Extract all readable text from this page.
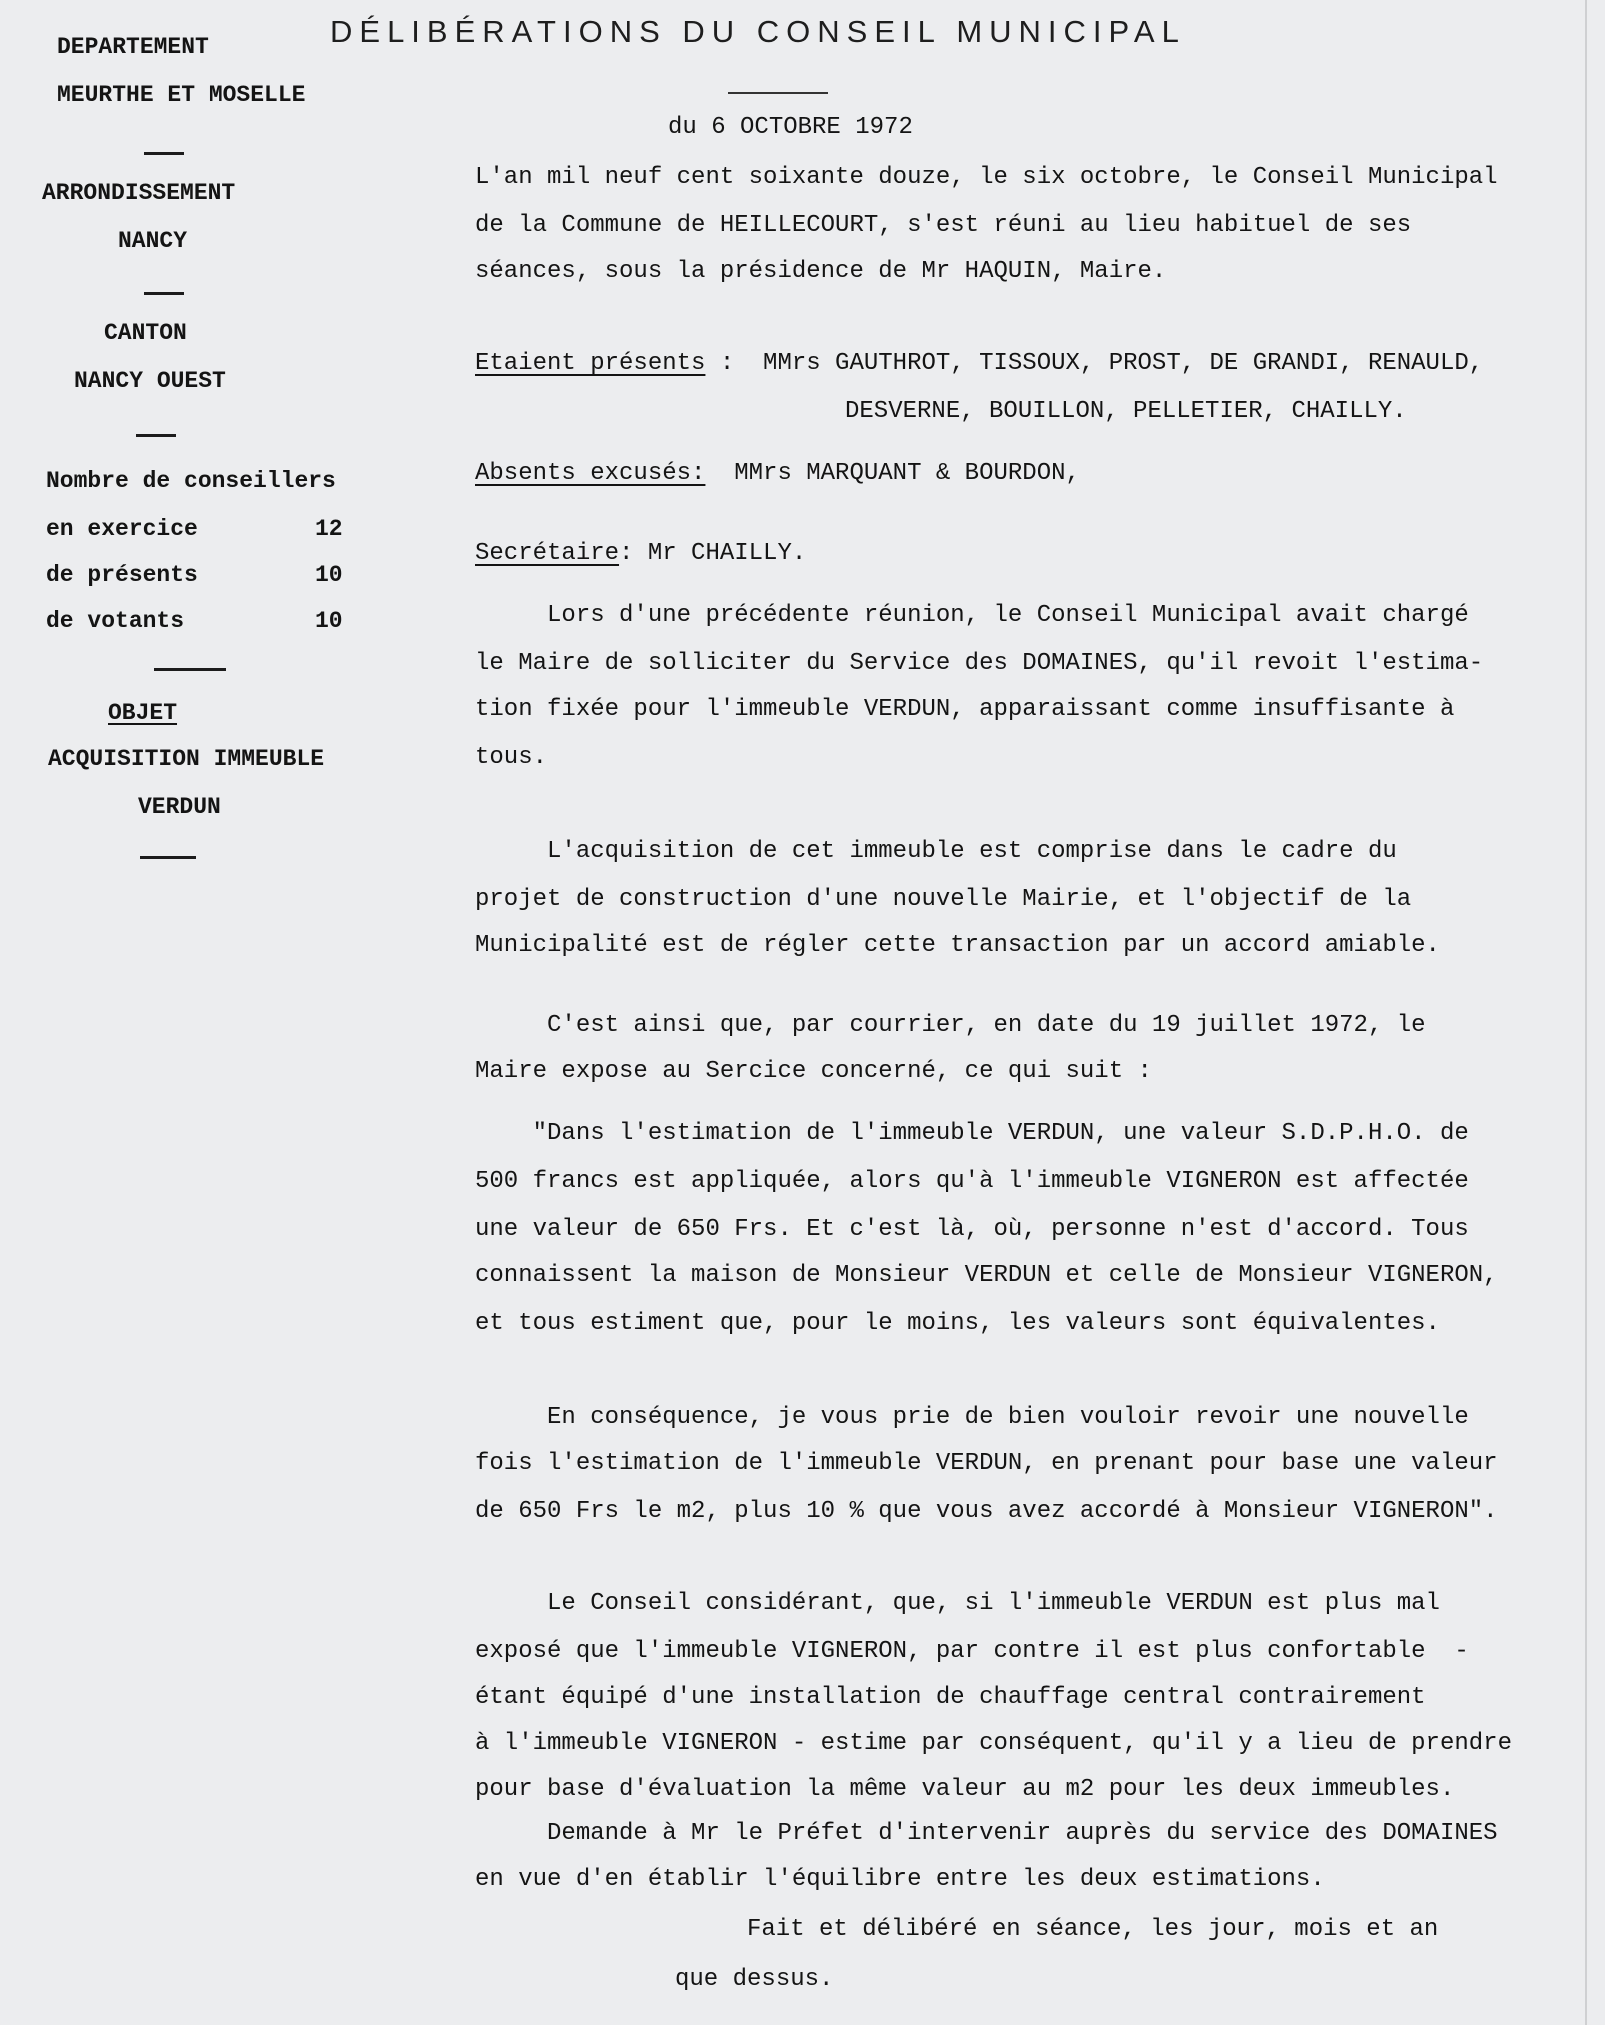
DÉLIBÉRATIONS DU CONSEIL MUNICIPAL
du 6 OCTOBRE 1972
DEPARTEMENT
MEURTHE ET MOSELLE
ARRONDISSEMENT
NANCY
CANTON
NANCY OUEST
Nombre de conseillers
en exercice	12
de présents	10
de votants	10
OBJET
ACQUISITION IMMEUBLE
VERDUN
L'an mil neuf cent soixante douze, le six octobre, le Conseil Municipal
de la Commune de HEILLECOURT, s'est réuni au lieu habituel de ses
séances, sous la présidence de Mr HAQUIN, Maire.
Etaient présents :  MMrs GAUTHROT, TISSOUX, PROST, DE GRANDI, RENAULD,
DESVERNE, BOUILLON, PELLETIER, CHAILLY.
Absents excusés:  MMrs MARQUANT & BOURDON,
Secrétaire: Mr CHAILLY.
Lors d'une précédente réunion, le Conseil Municipal avait chargé
le Maire de solliciter du Service des DOMAINES, qu'il revoit l'estima-
tion fixée pour l'immeuble VERDUN, apparaissant comme insuffisante à
tous.
L'acquisition de cet immeuble est comprise dans le cadre du
projet de construction d'une nouvelle Mairie, et l'objectif de la
Municipalité est de régler cette transaction par un accord amiable.
C'est ainsi que, par courrier, en date du 19 juillet 1972, le
Maire expose au Sercice concerné, ce qui suit :
"Dans l'estimation de l'immeuble VERDUN, une valeur S.D.P.H.O. de
500 francs est appliquée, alors qu'à l'immeuble VIGNERON est affectée
une valeur de 650 Frs. Et c'est là, où, personne n'est d'accord. Tous
connaissent la maison de Monsieur VERDUN et celle de Monsieur VIGNERON,
et tous estiment que, pour le moins, les valeurs sont équivalentes.
En conséquence, je vous prie de bien vouloir revoir une nouvelle
fois l'estimation de l'immeuble VERDUN, en prenant pour base une valeur
de 650 Frs le m2, plus 10 % que vous avez accordé à Monsieur VIGNERON".
Le Conseil considérant, que, si l'immeuble VERDUN est plus mal
exposé que l'immeuble VIGNERON, par contre il est plus confortable  -
étant équipé d'une installation de chauffage central contrairement
à l'immeuble VIGNERON - estime par conséquent, qu'il y a lieu de prendre
pour base d'évaluation la même valeur au m2 pour les deux immeubles.
Demande à Mr le Préfet d'intervenir auprès du service des DOMAINES
en vue d'en établir l'équilibre entre les deux estimations.
Fait et délibéré en séance, les jour, mois et an
que dessus.
